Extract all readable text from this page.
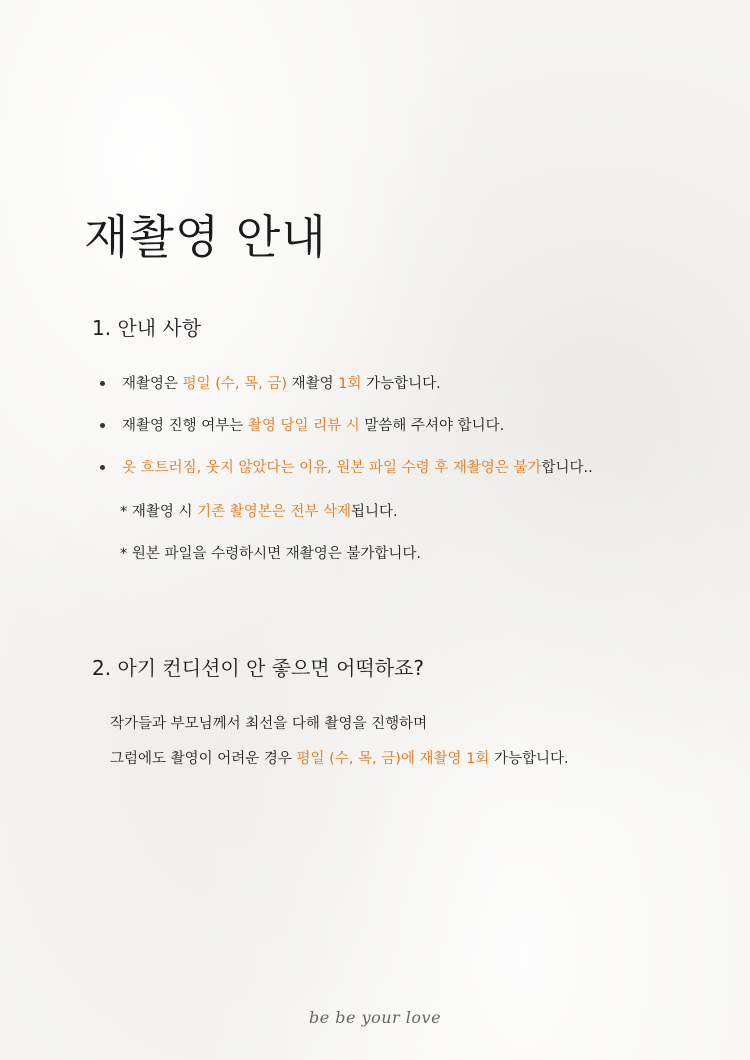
재촬영 안내
1. 안내 사항
재촬영은 평일 (수, 목, 금) 재촬영 1회 가능합니다.
재촬영 진행 여부는 촬영 당일 리뷰 시 말씀해 주셔야 합니다.
옷 흐트러짐, 웃지 않았다는 이유, 원본 파일 수령 후 재촬영은 불가합니다..
* 재촬영 시 기존 촬영본은 전부 삭제됩니다.
* 원본 파일을 수령하시면 재촬영은 불가합니다.
2. 아기 컨디션이 안 좋으면 어떡하죠?
작가들과 부모님께서 최선을 다해 촬영을 진행하며
그럼에도 촬영이 어려운 경우 평일 (수, 목, 금)에 재촬영 1회 가능합니다.
be be your love
